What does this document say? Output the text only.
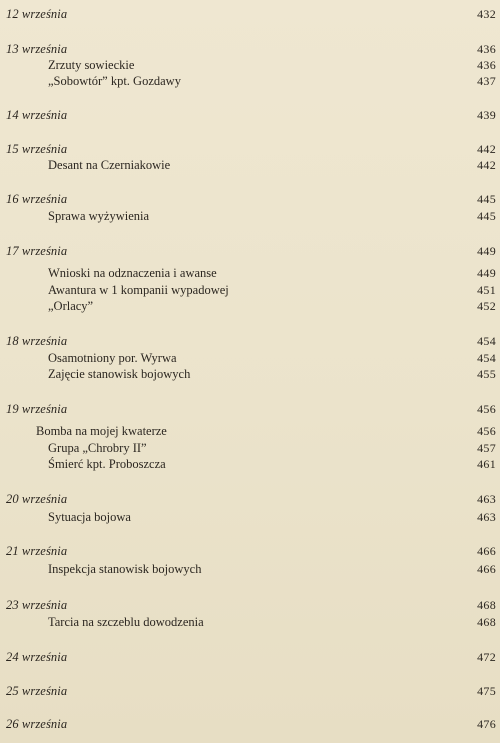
12 września	432
13 września	436
Zrzuty sowieckie	436
„Sobowtór” kpt. Gozdawy	437
14 września	439
15 września	442
Desant na Czerniakowie	442
16 września	445
Sprawa wyżywienia	445
17 września	449
Wnioski na odznaczenia i awanse	449
Awantura w 1 kompanii wypadowej	451
„Orlacy”	452
18 września	454
Osamotniony por. Wyrwa	454
Zajęcie stanowisk bojowych	455
19 września	456
Bomba na mojej kwaterze	456
Grupa „Chrobry II”	457
Śmierć kpt. Proboszcza	461
20 września	463
Sytuacja bojowa	463
21 września	466
Inspekcja stanowisk bojowych	466
23 września	468
Tarcia na szczeblu dowodzenia	468
24 września	472
25 września	475
26 września	476
